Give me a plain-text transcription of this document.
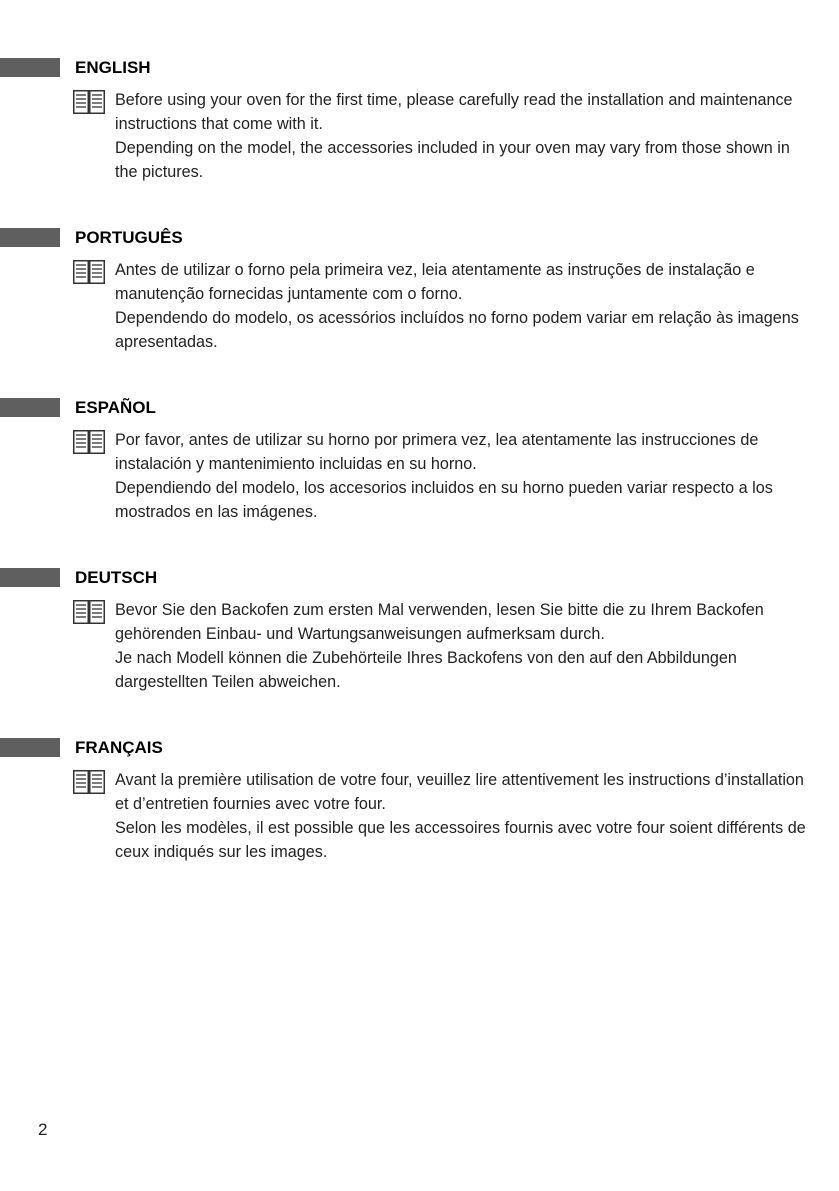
ENGLISH

Before using your oven for the first time, please carefully read the installation and maintenance instructions that come with it.

Depending on the model, the accessories included in your oven may vary from those shown in the pictures.

PORTUGUÊS

Antes de utilizar o forno pela primeira vez, leia atentamente as instruções de instalação e manutenção fornecidas juntamente com o forno.

Dependendo do modelo, os acessórios incluídos no forno podem variar em relação às imagens apresentadas.

ESPAÑOL

Por favor, antes de utilizar su horno por primera vez, lea atentamente las instrucciones de instalación y mantenimiento incluidas en su horno.

Dependiendo del modelo, los accesorios incluidos en su horno pueden variar respecto a los mostrados en las imágenes.

DEUTSCH

Bevor Sie den Backofen zum ersten Mal verwenden, lesen Sie bitte die zu Ihrem Backofen gehörenden Einbau- und Wartungsanweisungen aufmerksam durch.

Je nach Modell können die Zubehörteile Ihres Backofens von den auf den Abbildungen dargestellten Teilen abweichen.

FRANÇAIS

Avant la première utilisation de votre four, veuillez lire attentivement les instructions d’installation et d’entretien fournies avec votre four.

Selon les modèles, il est possible que les accessoires fournis avec votre four soient différents de ceux indiqués sur les images.

2
